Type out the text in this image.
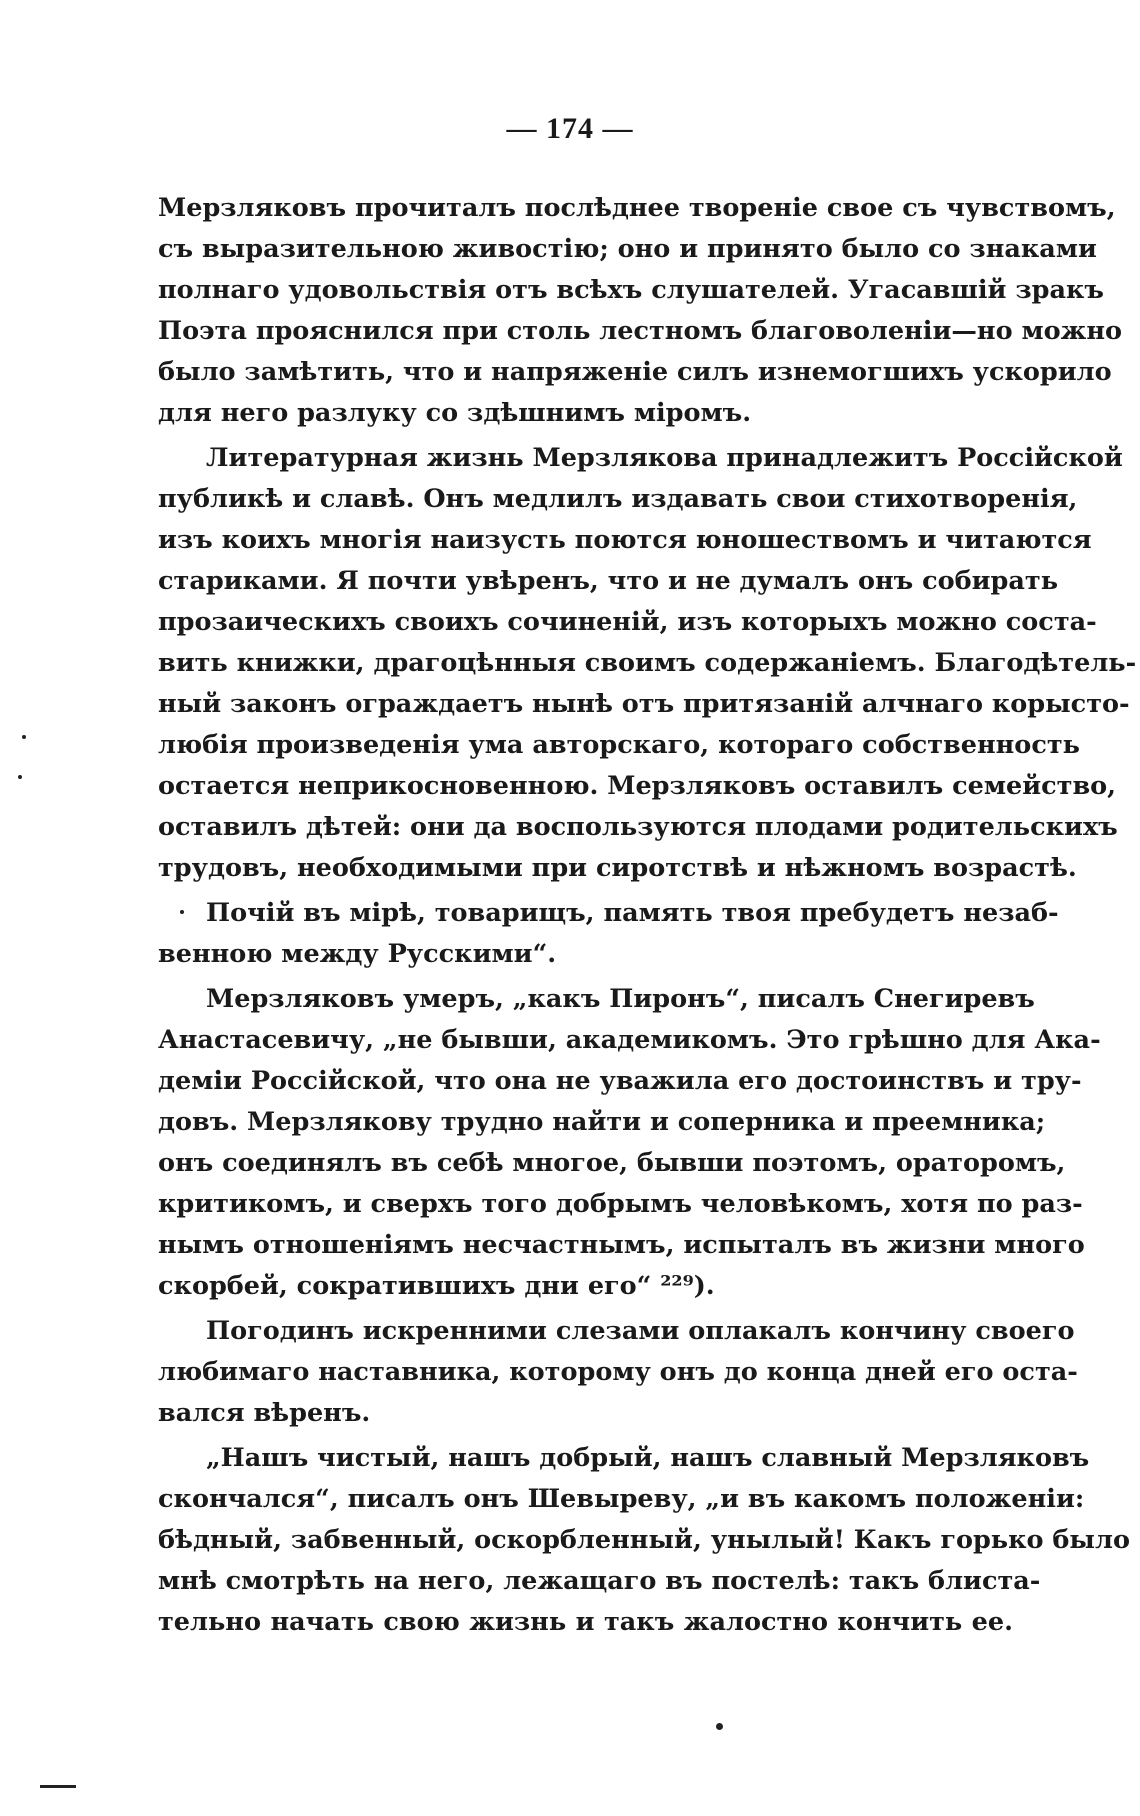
— 174 —
Мерзляковъ прочиталъ послѣднее твореніе свое съ чувствомъ,
съ выразительною живостію; оно и принято было со знаками
полнаго удовольствія отъ всѣхъ слушателей. Угасавшій зракъ
Поэта прояснился при столь лестномъ благоволеніи—но можно
было замѣтить, что и напряженіе силъ изнемогшихъ ускорило
для него разлуку со здѣшнимъ міромъ.
Литературная жизнь Мерзлякова принадлежитъ Россійской
публикѣ и славѣ. Онъ медлилъ издавать свои стихотворенія,
изъ коихъ многія наизусть поются юношествомъ и читаются
стариками. Я почти увѣренъ, что и не думалъ онъ собирать
прозаическихъ своихъ сочиненій, изъ которыхъ можно соста-
вить книжки, драгоцѣнныя своимъ содержаніемъ. Благодѣтель-
ный законъ ограждаетъ нынѣ отъ притязаній алчнаго корысто-
любія произведенія ума авторскаго, котораго собственность
остается неприкосновенною. Мерзляковъ оставилъ семейство,
оставилъ дѣтей: они да воспользуются плодами родительскихъ
трудовъ, необходимыми при сиротствѣ и нѣжномъ возрастѣ.
Почій въ мірѣ, товарищъ, память твоя пребудетъ незаб-
венною между Русскими“.
Мерзляковъ умеръ, „какъ Пиронъ“, писалъ Снегиревъ
Анастасевичу, „не бывши, академикомъ. Это грѣшно для Ака-
деміи Россійской, что она не уважила его достоинствъ и тру-
довъ. Мерзлякову трудно найти и соперника и преемника;
онъ соединялъ въ себѣ многое, бывши поэтомъ, ораторомъ,
критикомъ, и сверхъ того добрымъ человѣкомъ, хотя по раз-
нымъ отношеніямъ несчастнымъ, испыталъ въ жизни много
скорбей, сократившихъ дни его“ ²²⁹).
Погодинъ искренними слезами оплакалъ кончину своего
любимаго наставника, которому онъ до конца дней его оста-
вался вѣренъ.
„Нашъ чистый, нашъ добрый, нашъ славный Мерзляковъ
скончался“, писалъ онъ Шевыреву, „и въ какомъ положеніи:
бѣдный, забвенный, оскорбленный, унылый! Какъ горько было
мнѣ смотрѣть на него, лежащаго въ постелѣ: такъ блиста-
тельно начать свою жизнь и такъ жалостно кончить ее.
